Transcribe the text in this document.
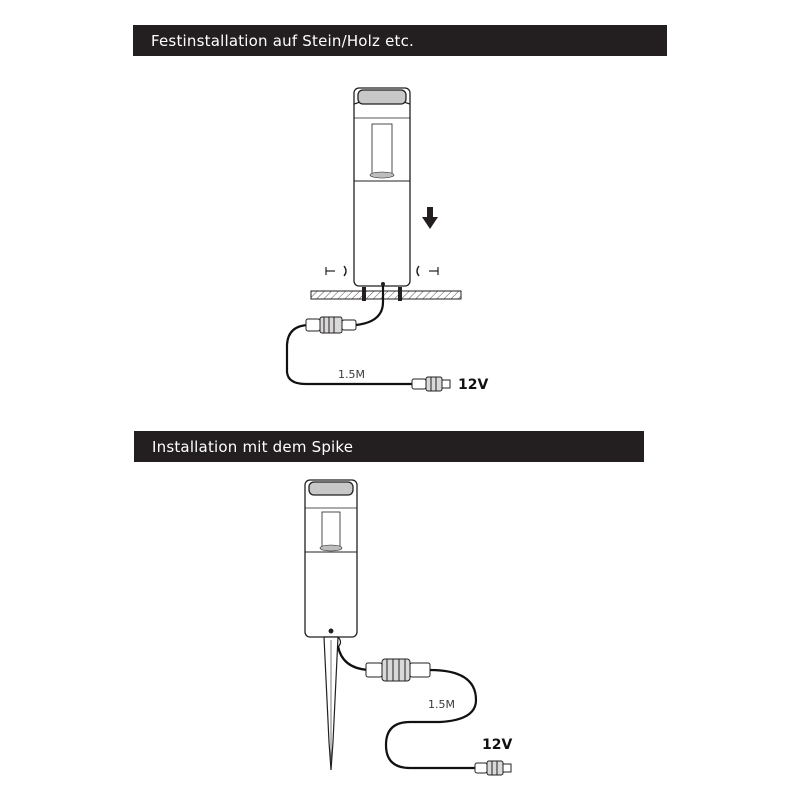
Festinstallation auf Stein/Holz etc.
Installation mit dem Spike
1.5M
12V
1.5M
12V
